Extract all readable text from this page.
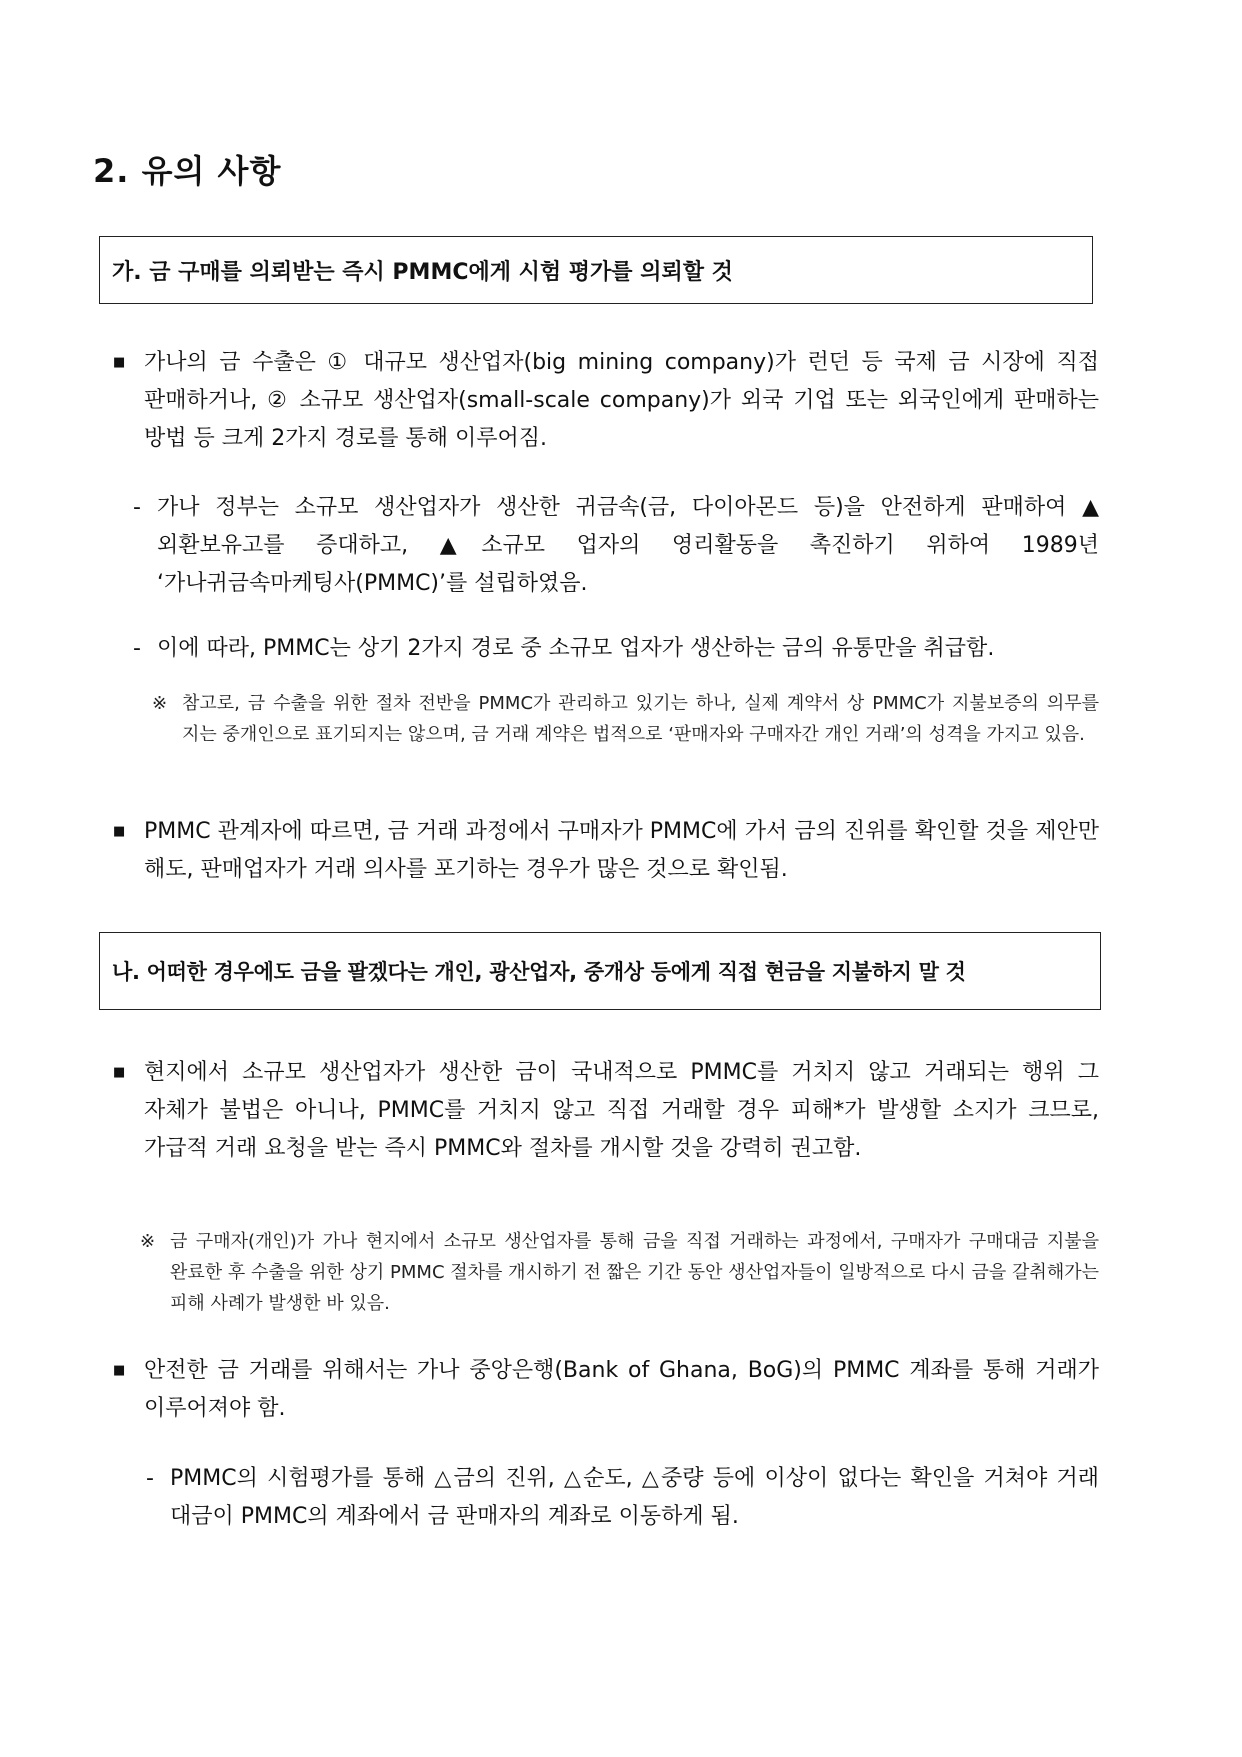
2. 유의 사항
가. 금 구매를 의뢰받는 즉시 PMMC에게 시험 평가를 의뢰할 것
■ 가나의 금 수출은 ① 대규모 생산업자(big mining company)가 런던 등 국제 금 시장에 직접 판매하거나, ② 소규모 생산업자(small-scale company)가 외국 기업 또는 외국인에게 판매하는 방법 등 크게 2가지 경로를 통해 이루어짐.
- 가나 정부는 소규모 생산업자가 생산한 귀금속(금, 다이아몬드 등)을 안전하게 판매하여 ▲외환보유고를 증대하고, ▲소규모 업자의 영리활동을 촉진하기 위하여 1989년 ‘가나귀금속마케팅사(PMMC)’를 설립하였음.
- 이에 따라, PMMC는 상기 2가지 경로 중 소규모 업자가 생산하는 금의 유통만을 취급함.
※ 참고로, 금 수출을 위한 절차 전반을 PMMC가 관리하고 있기는 하나, 실제 계약서 상 PMMC가 지불보증의 의무를 지는 중개인으로 표기되지는 않으며, 금 거래 계약은 법적으로 ‘판매자와 구매자간 개인 거래’의 성격을 가지고 있음.
■ PMMC 관계자에 따르면, 금 거래 과정에서 구매자가 PMMC에 가서 금의 진위를 확인할 것을 제안만 해도, 판매업자가 거래 의사를 포기하는 경우가 많은 것으로 확인됨.
나. 어떠한 경우에도 금을 팔겠다는 개인, 광산업자, 중개상 등에게 직접 현금을 지불하지 말 것
■ 현지에서 소규모 생산업자가 생산한 금이 국내적으로 PMMC를 거치지 않고 거래되는 행위 그 자체가 불법은 아니나, PMMC를 거치지 않고 직접 거래할 경우 피해*가 발생할 소지가 크므로, 가급적 거래 요청을 받는 즉시 PMMC와 절차를 개시할 것을 강력히 권고함.
※ 금 구매자(개인)가 가나 현지에서 소규모 생산업자를 통해 금을 직접 거래하는 과정에서, 구매자가 구매대금 지불을 완료한 후 수출을 위한 상기 PMMC 절차를 개시하기 전 짧은 기간 동안 생산업자들이 일방적으로 다시 금을 갈취해가는 피해 사례가 발생한 바 있음.
■ 안전한 금 거래를 위해서는 가나 중앙은행(Bank of Ghana, BoG)의 PMMC 계좌를 통해 거래가 이루어져야 함.
- PMMC의 시험평가를 통해 △금의 진위, △순도, △중량 등에 이상이 없다는 확인을 거쳐야 거래 대금이 PMMC의 계좌에서 금 판매자의 계좌로 이동하게 됨.
